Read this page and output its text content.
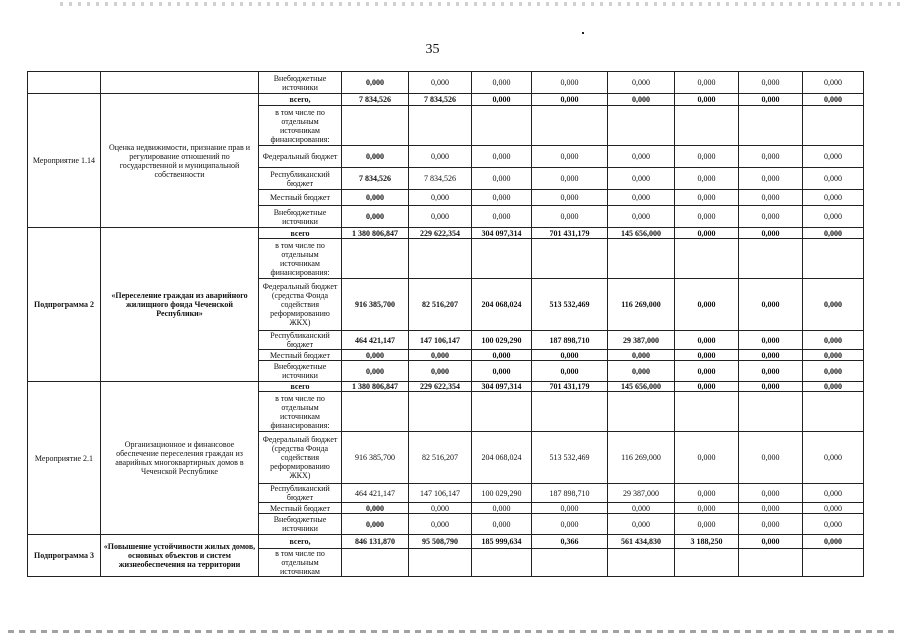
35
		Внебюджетные источники	0,000	0,000	0,000	0,000	0,000	0,000	0,000	0,000
Мероприятие 1.14	Оценка недвижимости, признание прав и регулирование отношений по государственной и муниципальной собственности	всего,	7 834,526	7 834,526	0,000	0,000	0,000	0,000	0,000	0,000
		в том числе по отдельным источникам финансирования:								
		Федеральный бюджет	0,000	0,000	0,000	0,000	0,000	0,000	0,000	0,000
		Республиканский бюджет	7 834,526	7 834,526	0,000	0,000	0,000	0,000	0,000	0,000
		Местный бюджет	0,000	0,000	0,000	0,000	0,000	0,000	0,000	0,000
		Внебюджетные источники	0,000	0,000	0,000	0,000	0,000	0,000	0,000	0,000
Подпрограмма 2	«Переселение граждан из аварийного жилищного фонда Чеченской Республики»	всего	1 380 806,847	229 622,354	304 097,314	701 431,179	145 656,000	0,000	0,000	0,000
		в том числе по отдельным источникам финансирования:								
		Федеральный бюджет (средства Фонда содействия реформированию ЖКХ)	916 385,700	82 516,207	204 068,024	513 532,469	116 269,000	0,000	0,000	0,000
		Республиканский бюджет	464 421,147	147 106,147	100 029,290	187 898,710	29 387,000	0,000	0,000	0,000
		Местный бюджет	0,000	0,000	0,000	0,000	0,000	0,000	0,000	0,000
		Внебюджетные источники	0,000	0,000	0,000	0,000	0,000	0,000	0,000	0,000
Мероприятие 2.1	Организационное и финансовое обеспечение переселения граждан из аварийных многоквартирных домов в Чеченской Республике	всего	1 380 806,847	229 622,354	304 097,314	701 431,179	145 656,000	0,000	0,000	0,000
		в том числе по отдельным источникам финансирования:								
		Федеральный бюджет (средства Фонда содействия реформированию ЖКХ)	916 385,700	82 516,207	204 068,024	513 532,469	116 269,000	0,000	0,000	0,000
		Республиканский бюджет	464 421,147	147 106,147	100 029,290	187 898,710	29 387,000	0,000	0,000	0,000
		Местный бюджет	0,000	0,000	0,000	0,000	0,000	0,000	0,000	0,000
		Внебюджетные источники	0,000	0,000	0,000	0,000	0,000	0,000	0,000	0,000
Подпрограмма 3	«Повышение устойчивости жилых домов, основных объектов и систем жизнеобеспечения на территории	всего,	846 131,870	95 508,790	185 999,634	0,366	561 434,830	3 188,250	0,000	0,000
		в том числе по отдельным источникам								
